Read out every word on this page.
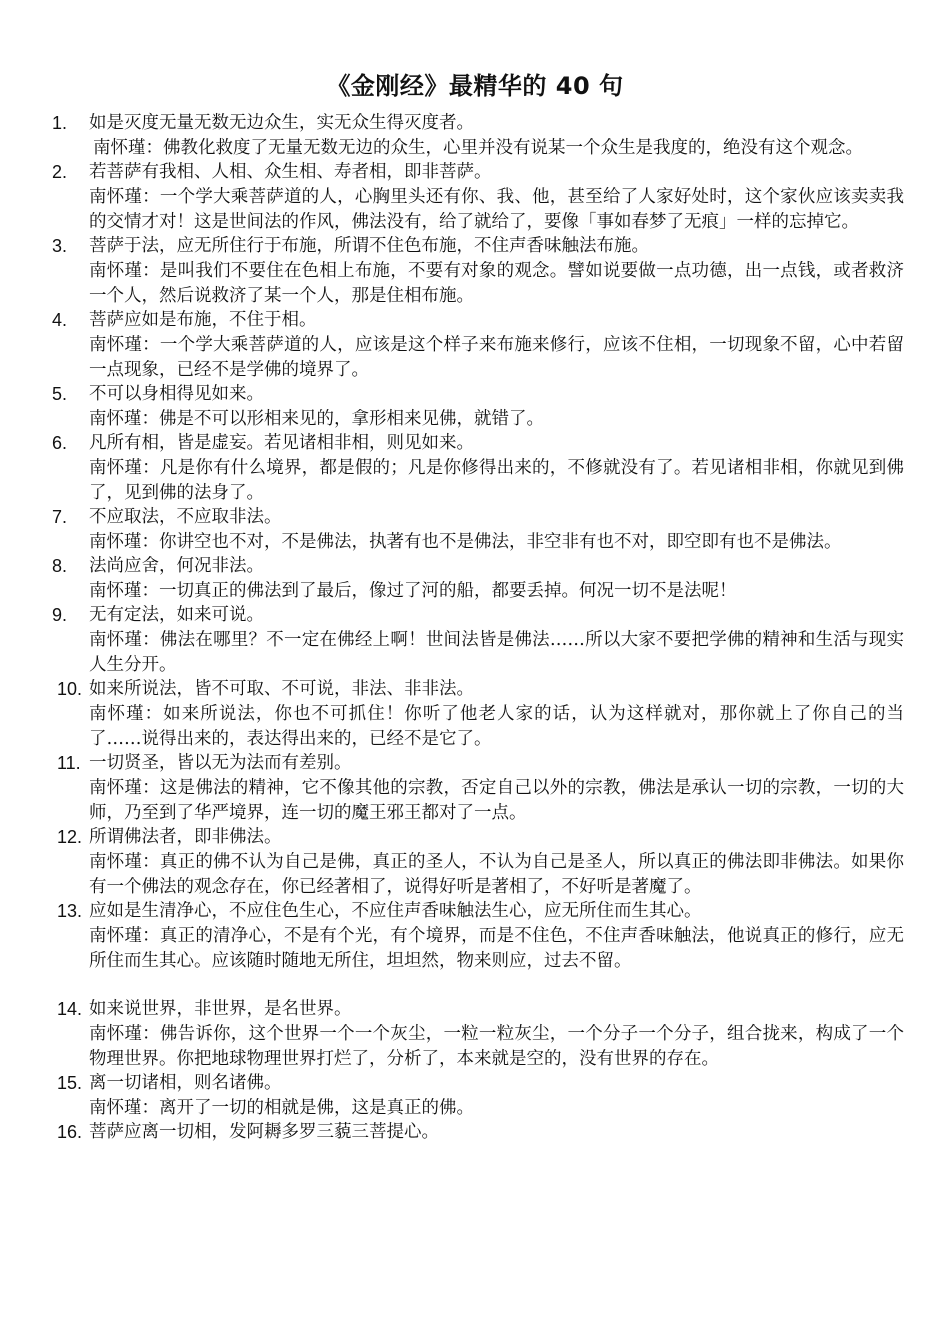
《金刚经》最精华的 40 句
1.	如是灭度无量无数无边众生，实无众生得灭度者。
南怀瑾：佛教化救度了无量无数无边的众生，心里并没有说某一个众生是我度的，绝没有这个观念。
2.	若菩萨有我相、人相、众生相、寿者相，即非菩萨。
南怀瑾：一个学大乘菩萨道的人，心胸里头还有你、我、他，甚至给了人家好处时，这个家伙应该卖卖我的交情才对！这是世间法的作风，佛法没有，给了就给了，要像「事如春梦了无痕」一样的忘掉它。
3.	菩萨于法，应无所住行于布施，所谓不住色布施，不住声香味触法布施。
南怀瑾：是叫我们不要住在色相上布施，不要有对象的观念。譬如说要做一点功德，出一点钱，或者救济一个人，然后说救济了某一个人，那是住相布施。
4.	菩萨应如是布施，不住于相。
南怀瑾：一个学大乘菩萨道的人，应该是这个样子来布施来修行，应该不住相，一切现象不留，心中若留一点现象，已经不是学佛的境界了。
5.	不可以身相得见如来。
南怀瑾：佛是不可以形相来见的，拿形相来见佛，就错了。
6.	凡所有相，皆是虚妄。若见诸相非相，则见如来。
南怀瑾：凡是你有什么境界，都是假的；凡是你修得出来的，不修就没有了。若见诸相非相，你就见到佛了，见到佛的法身了。
7.	不应取法，不应取非法。
南怀瑾：你讲空也不对，不是佛法，执著有也不是佛法，非空非有也不对，即空即有也不是佛法。
8.	法尚应舍，何况非法。
南怀瑾：一切真正的佛法到了最后，像过了河的船，都要丢掉。何况一切不是法呢！
9.	无有定法，如来可说。
南怀瑾：佛法在哪里？不一定在佛经上啊！世间法皆是佛法……所以大家不要把学佛的精神和生活与现实人生分开。
10. 如来所说法，皆不可取、不可说，非法、非非法。
南怀瑾：如来所说法，你也不可抓住！你听了他老人家的话，认为这样就对，那你就上了你自己的当了……说得出来的，表达得出来的，已经不是它了。
11. 一切贤圣，皆以无为法而有差别。
南怀瑾：这是佛法的精神，它不像其他的宗教，否定自己以外的宗教，佛法是承认一切的宗教，一切的大师，乃至到了华严境界，连一切的魔王邪王都对了一点。
12. 所谓佛法者，即非佛法。
南怀瑾：真正的佛不认为自己是佛，真正的圣人，不认为自己是圣人，所以真正的佛法即非佛法。如果你有一个佛法的观念存在，你已经著相了，说得好听是著相了，不好听是著魔了。
13. 应如是生清净心，不应住色生心，不应住声香味触法生心，应无所住而生其心。
南怀瑾：真正的清净心，不是有个光，有个境界，而是不住色，不住声香味触法，他说真正的修行，应无所住而生其心。应该随时随地无所住，坦坦然，物来则应，过去不留。
14. 如来说世界，非世界，是名世界。
南怀瑾：佛告诉你，这个世界一个一个灰尘，一粒一粒灰尘，一个分子一个分子，组合拢来，构成了一个物理世界。你把地球物理世界打烂了，分析了，本来就是空的，没有世界的存在。
15. 离一切诸相，则名诸佛。
南怀瑾：离开了一切的相就是佛，这是真正的佛。
16. 菩萨应离一切相，发阿耨多罗三藐三菩提心。
